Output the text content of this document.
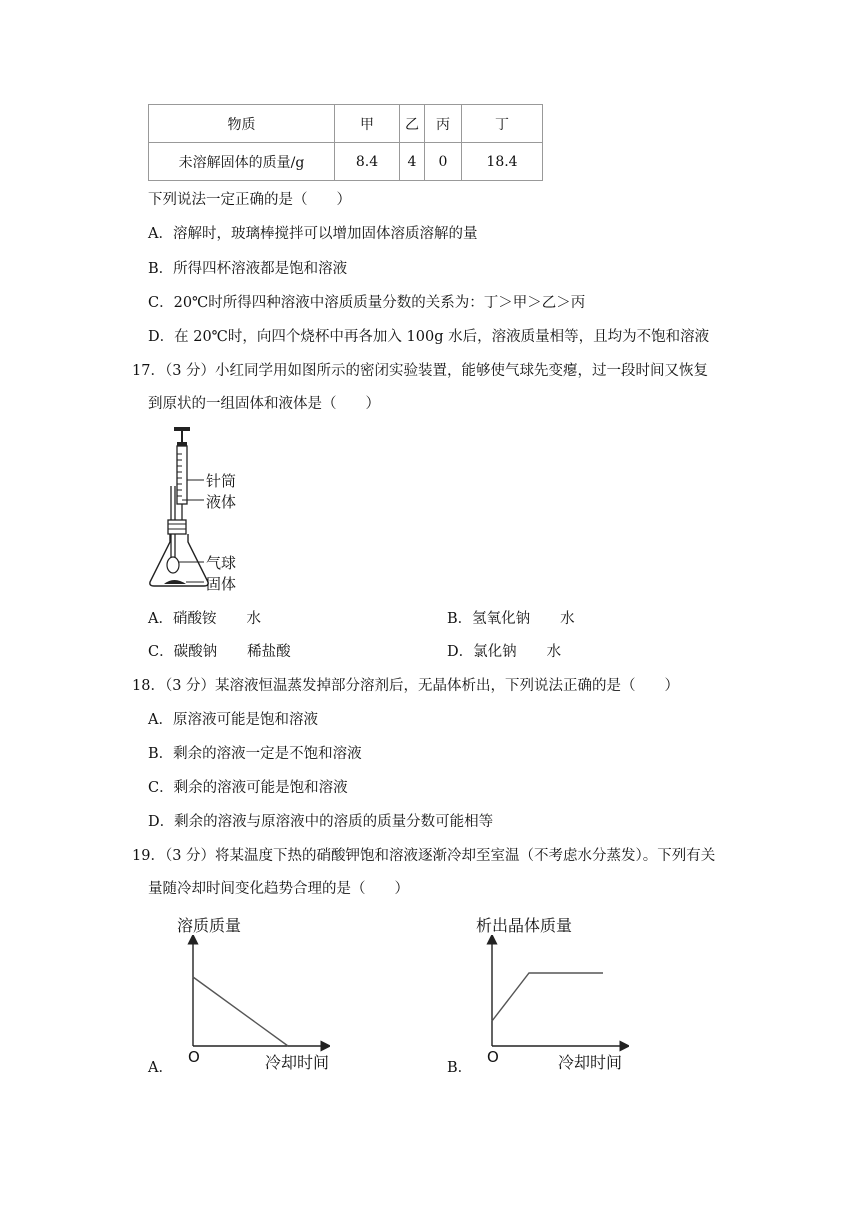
物质	甲	乙	丙	丁
未溶解固体的质量/g	8.4	4	0	18.4
下列说法一定正确的是（　　）
A．溶解时，玻璃棒搅拌可以增加固体溶质溶解的量
B．所得四杯溶液都是饱和溶液
C．20℃时所得四种溶液中溶质质量分数的关系为：丁＞甲＞乙＞丙
D．在 20℃时，向四个烧杯中再各加入 100g 水后，溶液质量相等，且均为不饱和溶液
17．（3 分）小红同学用如图所示的密闭实验装置，能够使气球先变瘪，过一段时间又恢复
到原状的一组固体和液体是（　　）
针筒
液体
气球
固体
A．硝酸铵 水	B．氢氧化钠 水
C．碳酸钠 稀盐酸	D．氯化钠 水
18．（3 分）某溶液恒温蒸发掉部分溶剂后，无晶体析出，下列说法正确的是（　　）
A．原溶液可能是饱和溶液
B．剩余的溶液一定是不饱和溶液
C．剩余的溶液可能是饱和溶液
D．剩余的溶液与原溶液中的溶质的质量分数可能相等
19．（3 分）将某温度下热的硝酸钾饱和溶液逐渐冷却至室温（不考虑水分蒸发）。下列有关
量随冷却时间变化趋势合理的是（　　）
溶质质量
O	冷却时间
A．
析出晶体质量
O	冷却时间
B．
